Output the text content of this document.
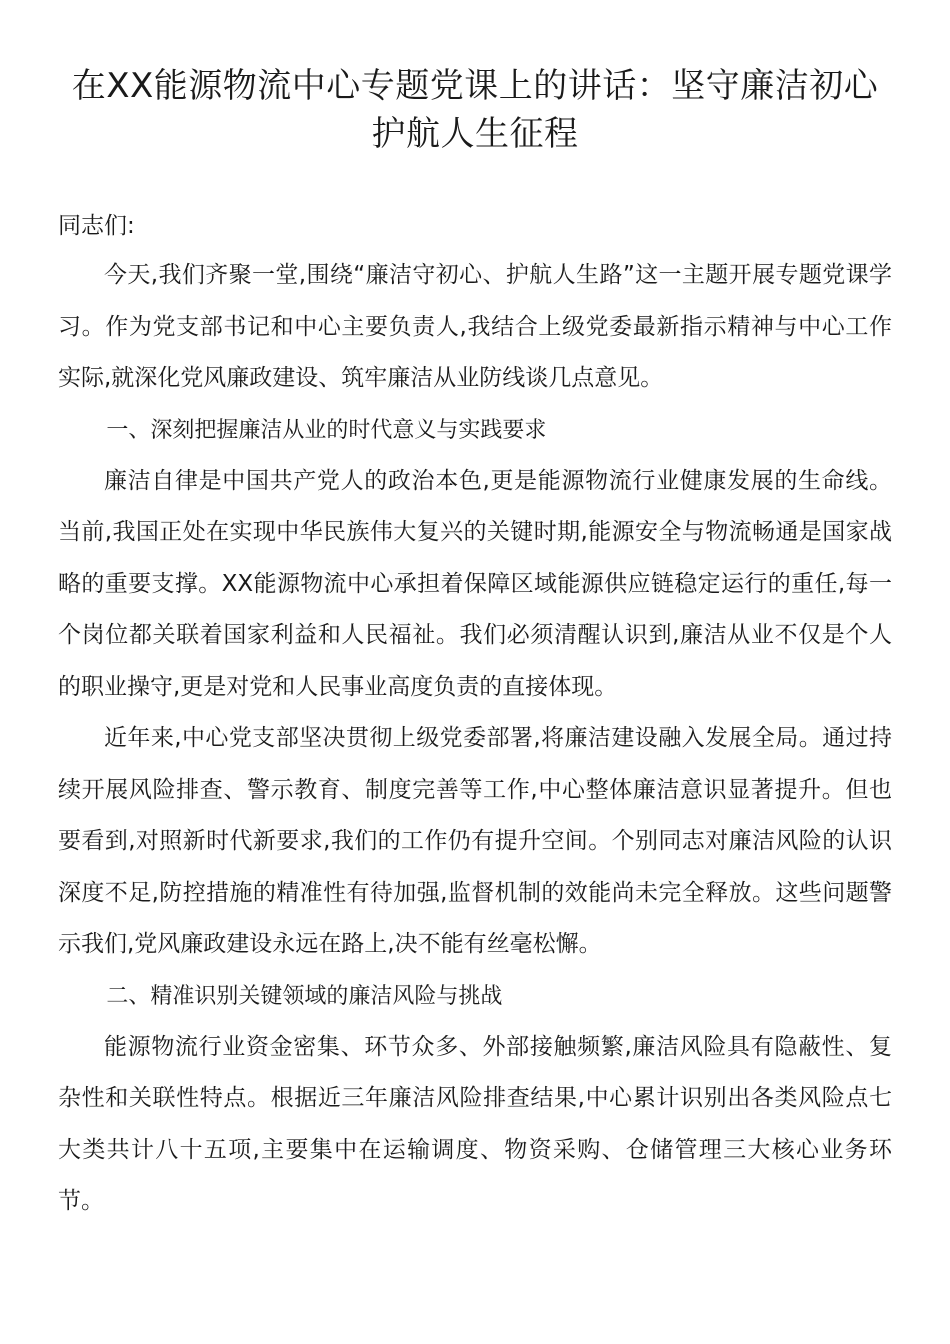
在XX能源物流中心专题党课上的讲话：坚守廉洁初心
护航人生征程

同志们:

今天,我们齐聚一堂,围绕“廉洁守初心、护航人生路”这一主题开展专题党课学习。作为党支部书记和中心主要负责人,我结合上级党委最新指示精神与中心工作实际,就深化党风廉政建设、筑牢廉洁从业防线谈几点意见。

一、深刻把握廉洁从业的时代意义与实践要求

廉洁自律是中国共产党人的政治本色,更是能源物流行业健康发展的生命线。当前,我国正处在实现中华民族伟大复兴的关键时期,能源安全与物流畅通是国家战略的重要支撑。XX能源物流中心承担着保障区域能源供应链稳定运行的重任,每一个岗位都关联着国家利益和人民福祉。我们必须清醒认识到,廉洁从业不仅是个人的职业操守,更是对党和人民事业高度负责的直接体现。

近年来,中心党支部坚决贯彻上级党委部署,将廉洁建设融入发展全局。通过持续开展风险排查、警示教育、制度完善等工作,中心整体廉洁意识显著提升。但也要看到,对照新时代新要求,我们的工作仍有提升空间。个别同志对廉洁风险的认识深度不足,防控措施的精准性有待加强,监督机制的效能尚未完全释放。这些问题警示我们,党风廉政建设永远在路上,决不能有丝毫松懈。

二、精准识别关键领域的廉洁风险与挑战

能源物流行业资金密集、环节众多、外部接触频繁,廉洁风险具有隐蔽性、复杂性和关联性特点。根据近三年廉洁风险排查结果,中心累计识别出各类风险点七大类共计八十五项,主要集中在运输调度、物资采购、仓储管理三大核心业务环节。
